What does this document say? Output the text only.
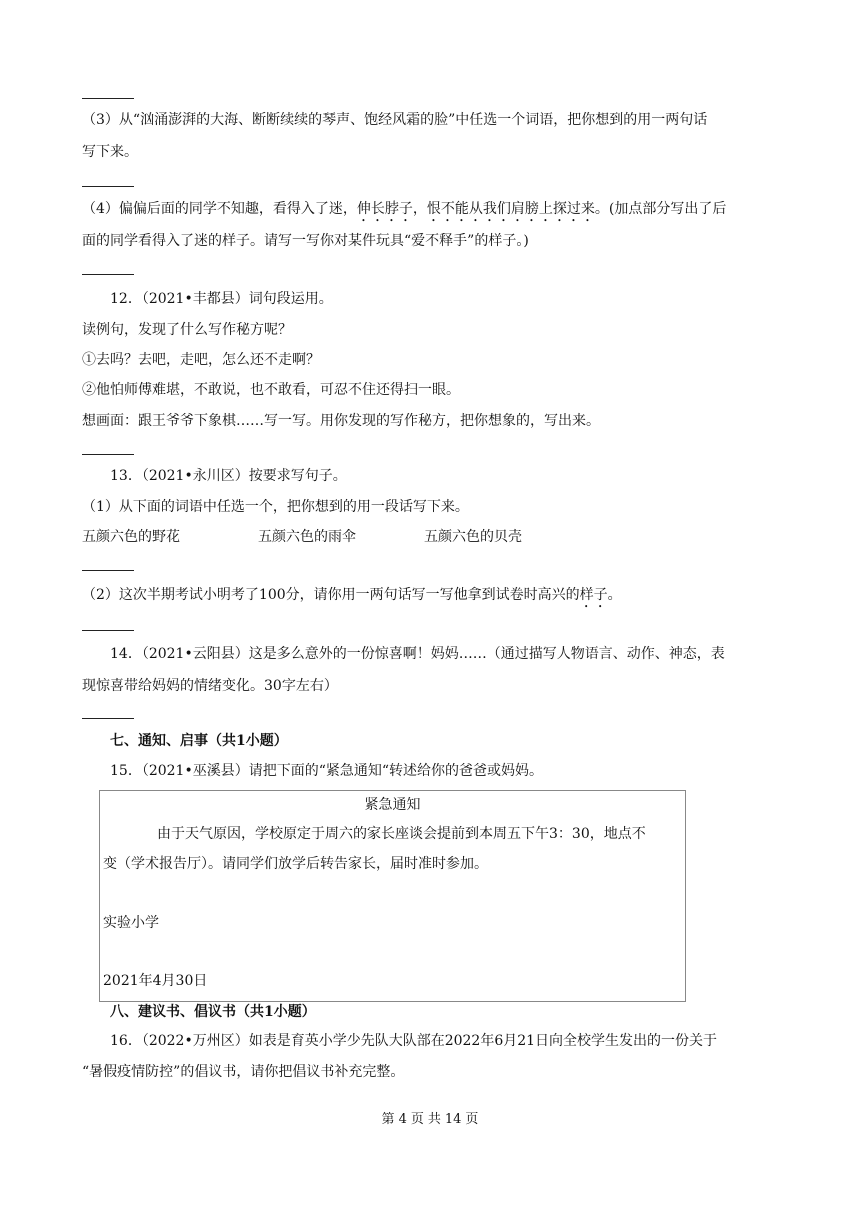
（3）从“汹涌澎湃的大海、断断续续的琴声、饱经风霜的脸”中任选一个词语，把你想到的用一两句话
写下来。
（4）偏偏后面的同学不知趣，看得入了迷，伸长脖子，恨不能从我们肩膀上探过来。(加点部分写出了后
面的同学看得入了迷的样子。请写一写你对某件玩具“爱不释手”的样子。)
12．（2021•丰都县）词句段运用。
读例句，发现了什么写作秘方呢？
①去吗？去吧，走吧，怎么还不走啊？
②他怕师傅难堪，不敢说，也不敢看，可忍不住还得扫一眼。
想画面：跟王爷爷下象棋……写一写。用你发现的写作秘方，把你想象的，写出来。
13．（2021•永川区）按要求写句子。
（1）从下面的词语中任选一个，把你想到的用一段话写下来。
五颜六色的野花	五颜六色的雨伞	五颜六色的贝壳
（2）这次半期考试小明考了100分，请你用一两句话写一写他拿到试卷时高兴的样子。
14．（2021•云阳县）这是多么意外的一份惊喜啊！妈妈……（通过描写人物语言、动作、神态，表
现惊喜带给妈妈的情绪变化。30字左右）
七、通知、启事（共1小题）
15．（2021•巫溪县）请把下面的“紧急通知“转述给你的爸爸或妈妈。
紧急通知
由于天气原因，学校原定于周六的家长座谈会提前到本周五下午3：30，地点不
变（学术报告厅）。请同学们放学后转告家长，届时准时参加。
实验小学
2021年4月30日
八、建议书、倡议书（共1小题）
16．（2022•万州区）如表是育英小学少先队大队部在2022年6月21日向全校学生发出的一份关于
“暑假疫情防控”的倡议书，请你把倡议书补充完整。
第 4 页 共 14 页
